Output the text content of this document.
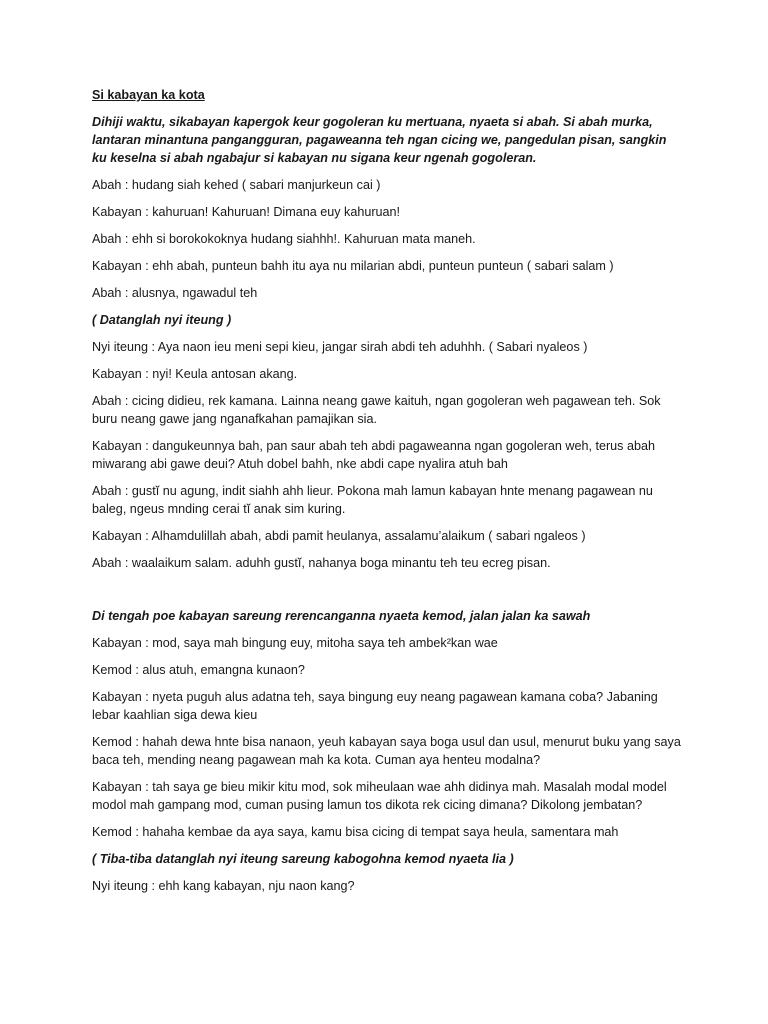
Si kabayan ka kota
Dihiji waktu, sikabayan kapergok keur gogoleran ku mertuana, nyaeta si abah. Si abah murka, lantaran minantuna pangangguran, pagaweanna teh ngan cicing we, pangedulan pisan, sangkin ku keselna si abah ngabajur si kabayan nu sigana keur ngenah gogoleran.
Abah : hudang siah kehed ( sabari manjurkeun cai )
Kabayan : kahuruan! Kahuruan! Dimana euy kahuruan!
Abah : ehh si borokokoknya hudang siahhh!. Kahuruan mata maneh.
Kabayan : ehh abah, punteun bahh itu aya nu milarian abdi, punteun punteun ( sabari salam )
Abah : alusnya, ngawadul teh
( Datanglah nyi iteung )
Nyi iteung : Aya naon ieu meni sepi kieu, jangar sirah abdi teh aduhhh. ( Sabari nyaleos )
Kabayan : nyi! Keula antosan akang.
Abah : cicing didieu, rek kamana. Lainna neang gawe kaituh, ngan gogoleran weh pagawean teh. Sok buru neang gawe jang nganafkahan pamajikan sia.
Kabayan : dangukeunnya bah, pan saur abah teh abdi pagaweanna ngan gogoleran weh, terus abah miwarang abi gawe deui? Atuh dobel bahh, nke abdi cape nyalira atuh bah
Abah : gustĭ nu agung, indit siahh ahh lieur. Pokona mah lamun kabayan hnte menang pagawean nu baleg, ngeus mnding cerai tĭ anak sim kuring.
Kabayan : Alhamdulillah abah, abdi pamit heulanya, assalamu’alaikum ( sabari ngaleos )
Abah : waalaikum salam. aduhh gustĭ, nahanya boga minantu teh teu ecreg pisan.
Di tengah poe kabayan sareung rerencanganna nyaeta kemod, jalan jalan ka sawah
Kabayan : mod, saya mah bingung euy, mitoha saya teh ambek²kan wae
Kemod : alus atuh, emangna kunaon?
Kabayan : nyeta puguh alus adatna teh, saya bingung euy neang pagawean kamana coba? Jabaning lebar kaahlian siga dewa kieu
Kemod : hahah dewa hnte bisa nanaon, yeuh kabayan saya boga usul dan usul, menurut buku yang saya baca teh, mending neang pagawean mah ka kota. Cuman aya henteu modalna?
Kabayan : tah saya ge bieu mikir kitu mod, sok miheulaan wae ahh didinya mah. Masalah modal model modol mah gampang mod, cuman pusing lamun tos dikota rek cicing dimana? Dikolong jembatan?
Kemod : hahaha kembae da aya saya, kamu bisa cicing di tempat saya heula, samentara mah
( Tiba-tiba datanglah nyi iteung sareung kabogohna kemod nyaeta lia )
Nyi iteung : ehh kang kabayan, nju naon kang?
